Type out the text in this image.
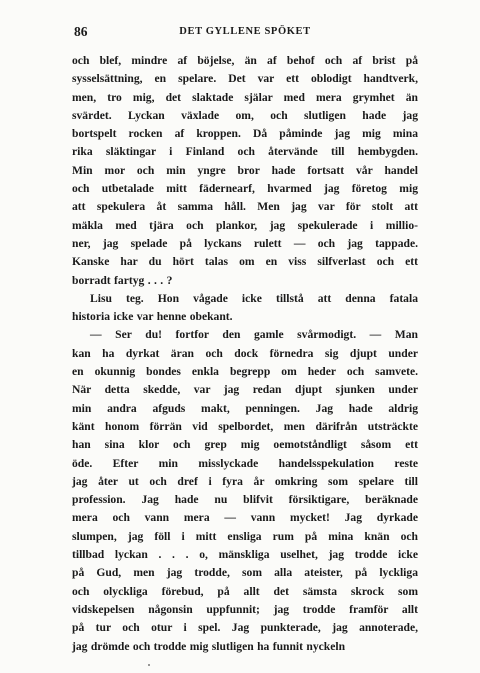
86	DET GYLLENE SPÖKET

och blef, mindre af böjelse, än af behof och af brist på
sysselsättning, en spelare. Det var ett oblodigt handtverk,
men, tro mig, det slaktade själar med mera grymhet än
svärdet. Lyckan växlade om, och slutligen hade jag
bortspelt rocken af kroppen. Då påminde jag mig mina
rika släktingar i Finland och återvände till hembygden.
Min mor och min yngre bror hade fortsatt vår handel
och utbetalade mitt fädernearf, hvarmed jag företog mig
att spekulera åt samma håll. Men jag var för stolt att
mäkla med tjära och plankor, jag spekulerade i millio-
ner, jag spelade på lyckans rulett — och jag tappade.
Kanske har du hört talas om en viss silfverlast och ett
borradt fartyg . . . ?

Lisu teg. Hon vågade icke tillstå att denna fatala
historia icke var henne obekant.

— Ser du! fortfor den gamle svårmodigt. — Man
kan ha dyrkat äran och dock förnedra sig djupt under
en okunnig bondes enkla begrepp om heder och samvete.
När detta skedde, var jag redan djupt sjunken under
min andra afguds makt, penningen. Jag hade aldrig
känt honom förrän vid spelbordet, men därifrån utsträckte
han sina klor och grep mig oemotståndligt såsom ett
öde. Efter min misslyckade handelsspekulation reste
jag åter ut och dref i fyra år omkring som spelare till
profession. Jag hade nu blifvit försiktigare, beräknade
mera och vann mera — vann mycket! Jag dyrkade
slumpen, jag föll i mitt ensliga rum på mina knän och
tillbad lyckan . . . o, mänskliga uselhet, jag trodde icke
på Gud, men jag trodde, som alla ateister, på lyckliga
och olyckliga förebud, på allt det sämsta skrock som
vidskepelsen någonsin uppfunnit; jag trodde framför allt
på tur och otur i spel. Jag punkterade, jag annoterade,
jag drömde och trodde mig slutligen ha funnit nyckeln
